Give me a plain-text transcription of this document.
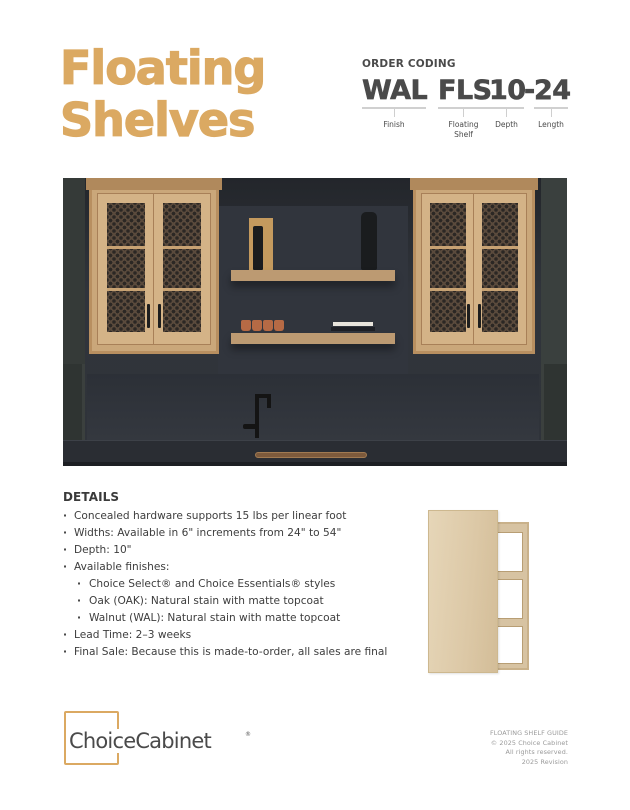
Floating
Shelves
ORDER CODING
WAL
Finish
FLS
Floating
Shelf
10
Depth
- 24
Length
DETAILS
· Concealed hardware supports 15 lbs per linear foot
· Widths: Available in 6" increments from 24" to 54"
· Depth: 10"
· Available finishes:
· Choice Select® and Choice Essentials® styles
· Oak (OAK): Natural stain with matte topcoat
· Walnut (WAL): Natural stain with matte topcoat
· Lead Time: 2–3 weeks
· Final Sale: Because this is made-to-order, all sales are final
ChoiceCabinet	®	FLOATING SHELF GUIDE
© 2025 Choice Cabinet
All rights reserved.
2025 Revision
